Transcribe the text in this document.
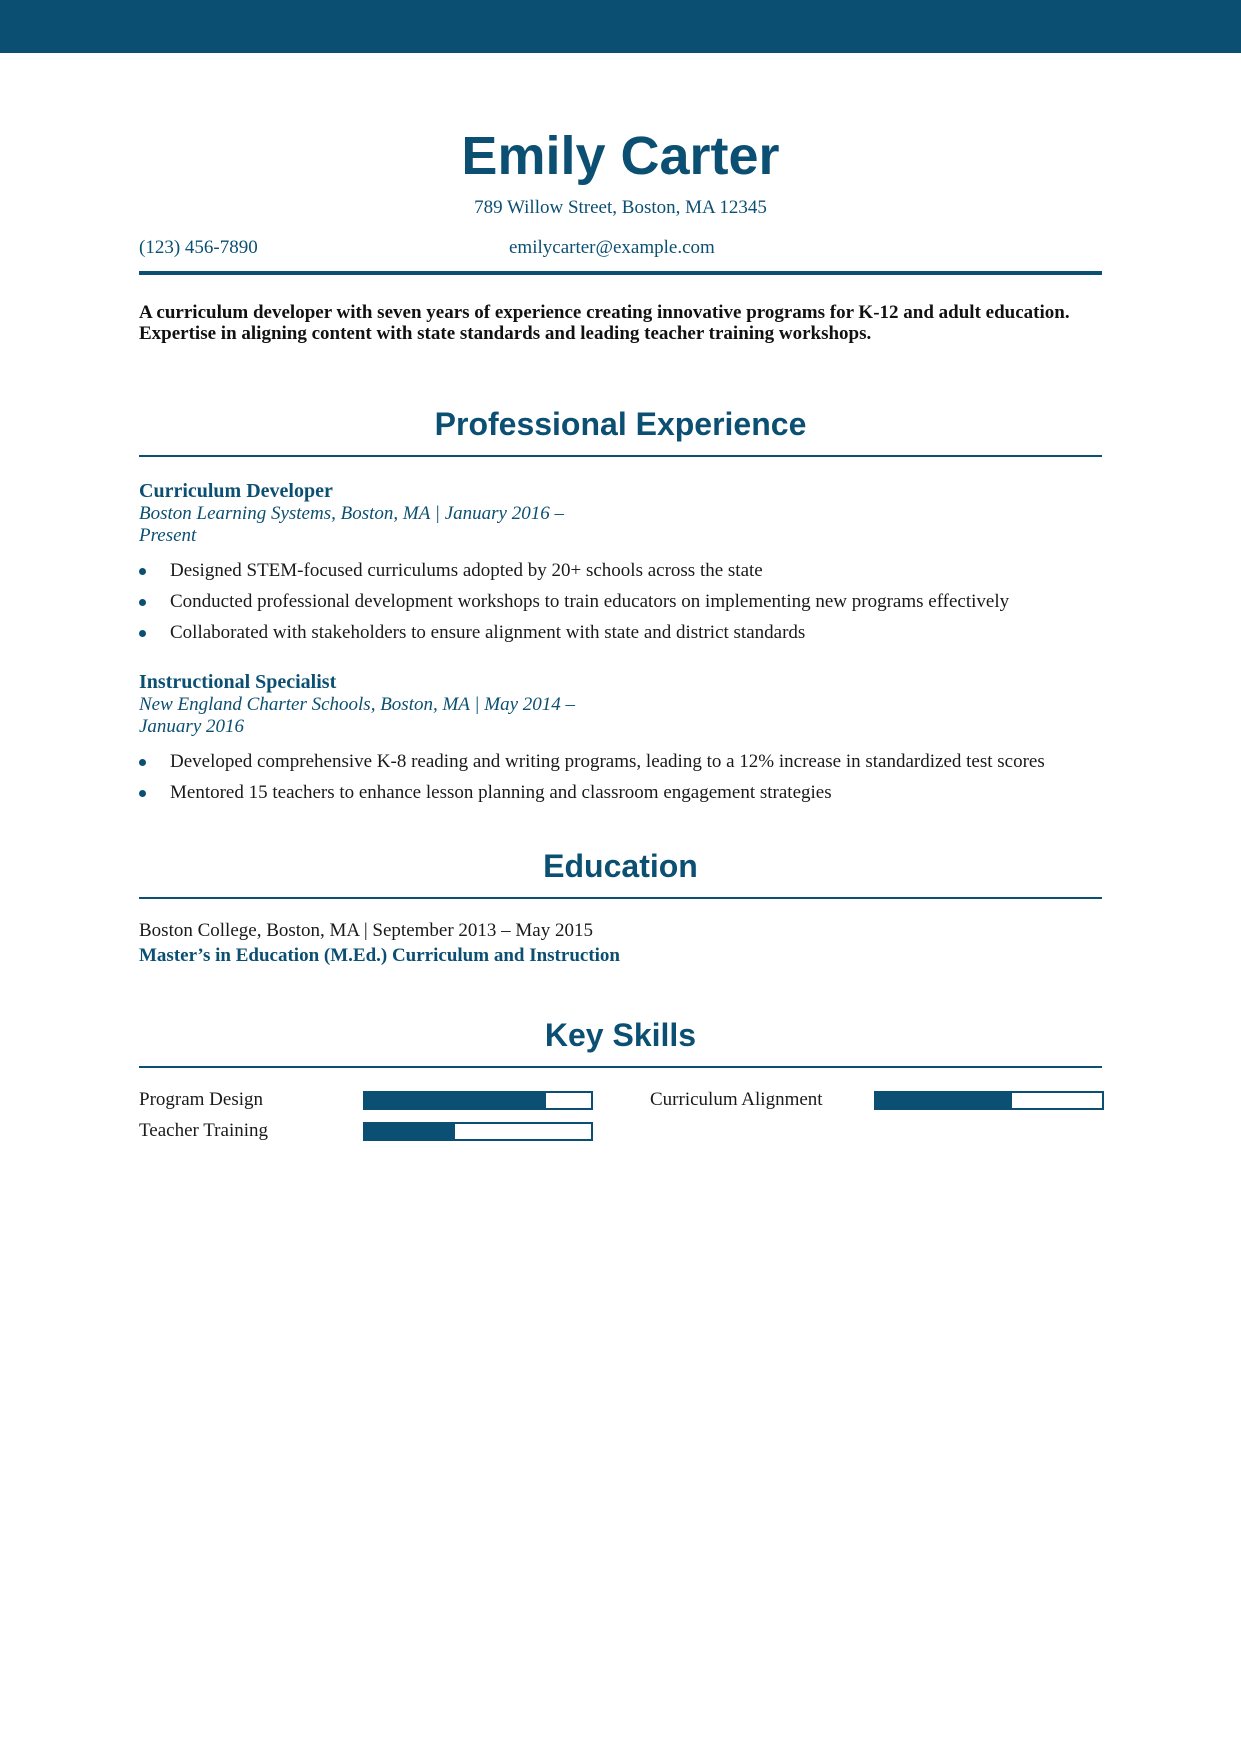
Emily Carter
789 Willow Street, Boston, MA 12345
(123) 456-7890	emilycarter@example.com
A curriculum developer with seven years of experience creating innovative programs for K-12 and adult education. Expertise in aligning content with state standards and leading teacher training workshops.
Professional Experience
Curriculum Developer
Boston Learning Systems, Boston, MA | January 2016 – Present
Designed STEM-focused curriculums adopted by 20+ schools across the state
Conducted professional development workshops to train educators on implementing new programs effectively
Collaborated with stakeholders to ensure alignment with state and district standards
Instructional Specialist
New England Charter Schools, Boston, MA | May 2014 – January 2016
Developed comprehensive K-8 reading and writing programs, leading to a 12% increase in standardized test scores
Mentored 15 teachers to enhance lesson planning and classroom engagement strategies
Education
Boston College, Boston, MA | September 2013 – May 2015
Master’s in Education (M.Ed.) Curriculum and Instruction
Key Skills
Program Design	Curriculum Alignment
Teacher Training
